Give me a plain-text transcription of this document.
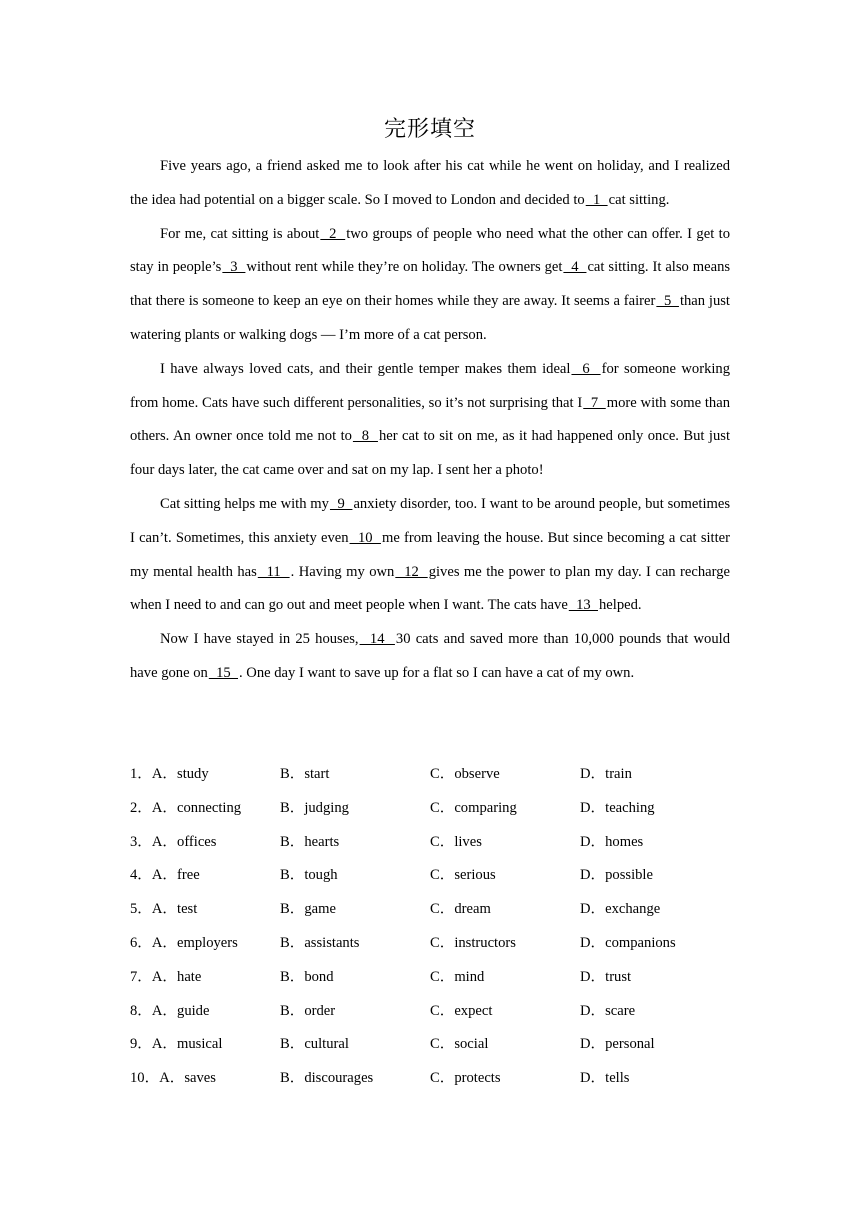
完形填空

Five years ago, a friend asked me to look after his cat while he went on holiday, and I realized the idea had potential on a bigger scale. So I moved to London and decided to  1  cat sitting.

For me, cat sitting is about  2  two groups of people who need what the other can offer. I get to stay in people’s  3  without rent while they’re on holiday. The owners get  4  cat sitting. It also means that there is someone to keep an eye on their homes while they are away. It seems a fairer  5  than just watering plants or walking dogs — I’m more of a cat person.

I have always loved cats, and their gentle temper makes them ideal  6  for someone working from home. Cats have such different personalities, so it’s not surprising that I  7  more with some than others. An owner once told me not to  8  her cat to sit on me, as it had happened only once. But just four days later, the cat came over and sat on my lap. I sent her a photo!

Cat sitting helps me with my  9  anxiety disorder, too. I want to be around people, but sometimes I can’t. Sometimes, this anxiety even  10  me from leaving the house. But since becoming a cat sitter my mental health has  11  . Having my own  12  gives me the power to plan my day. I can recharge when I need to and can go out and meet people when I want. The cats have  13  helped.

Now I have stayed in 25 houses,  14  30 cats and saved more than 10,000 pounds that would have gone on  15  . One day I want to save up for a flat so I can have a cat of my own.

1．A．study	B．start	C．observe	D．train
2．A．connecting	B．judging	C．comparing	D．teaching
3．A．offices	B．hearts	C．lives	D．homes
4．A．free	B．tough	C．serious	D．possible
5．A．test	B．game	C．dream	D．exchange
6．A．employers	B．assistants	C．instructors	D．companions
7．A．hate	B．bond	C．mind	D．trust
8．A．guide	B．order	C．expect	D．scare
9．A．musical	B．cultural	C．social	D．personal
10．A．saves	B．discourages	C．protects	D．tells
